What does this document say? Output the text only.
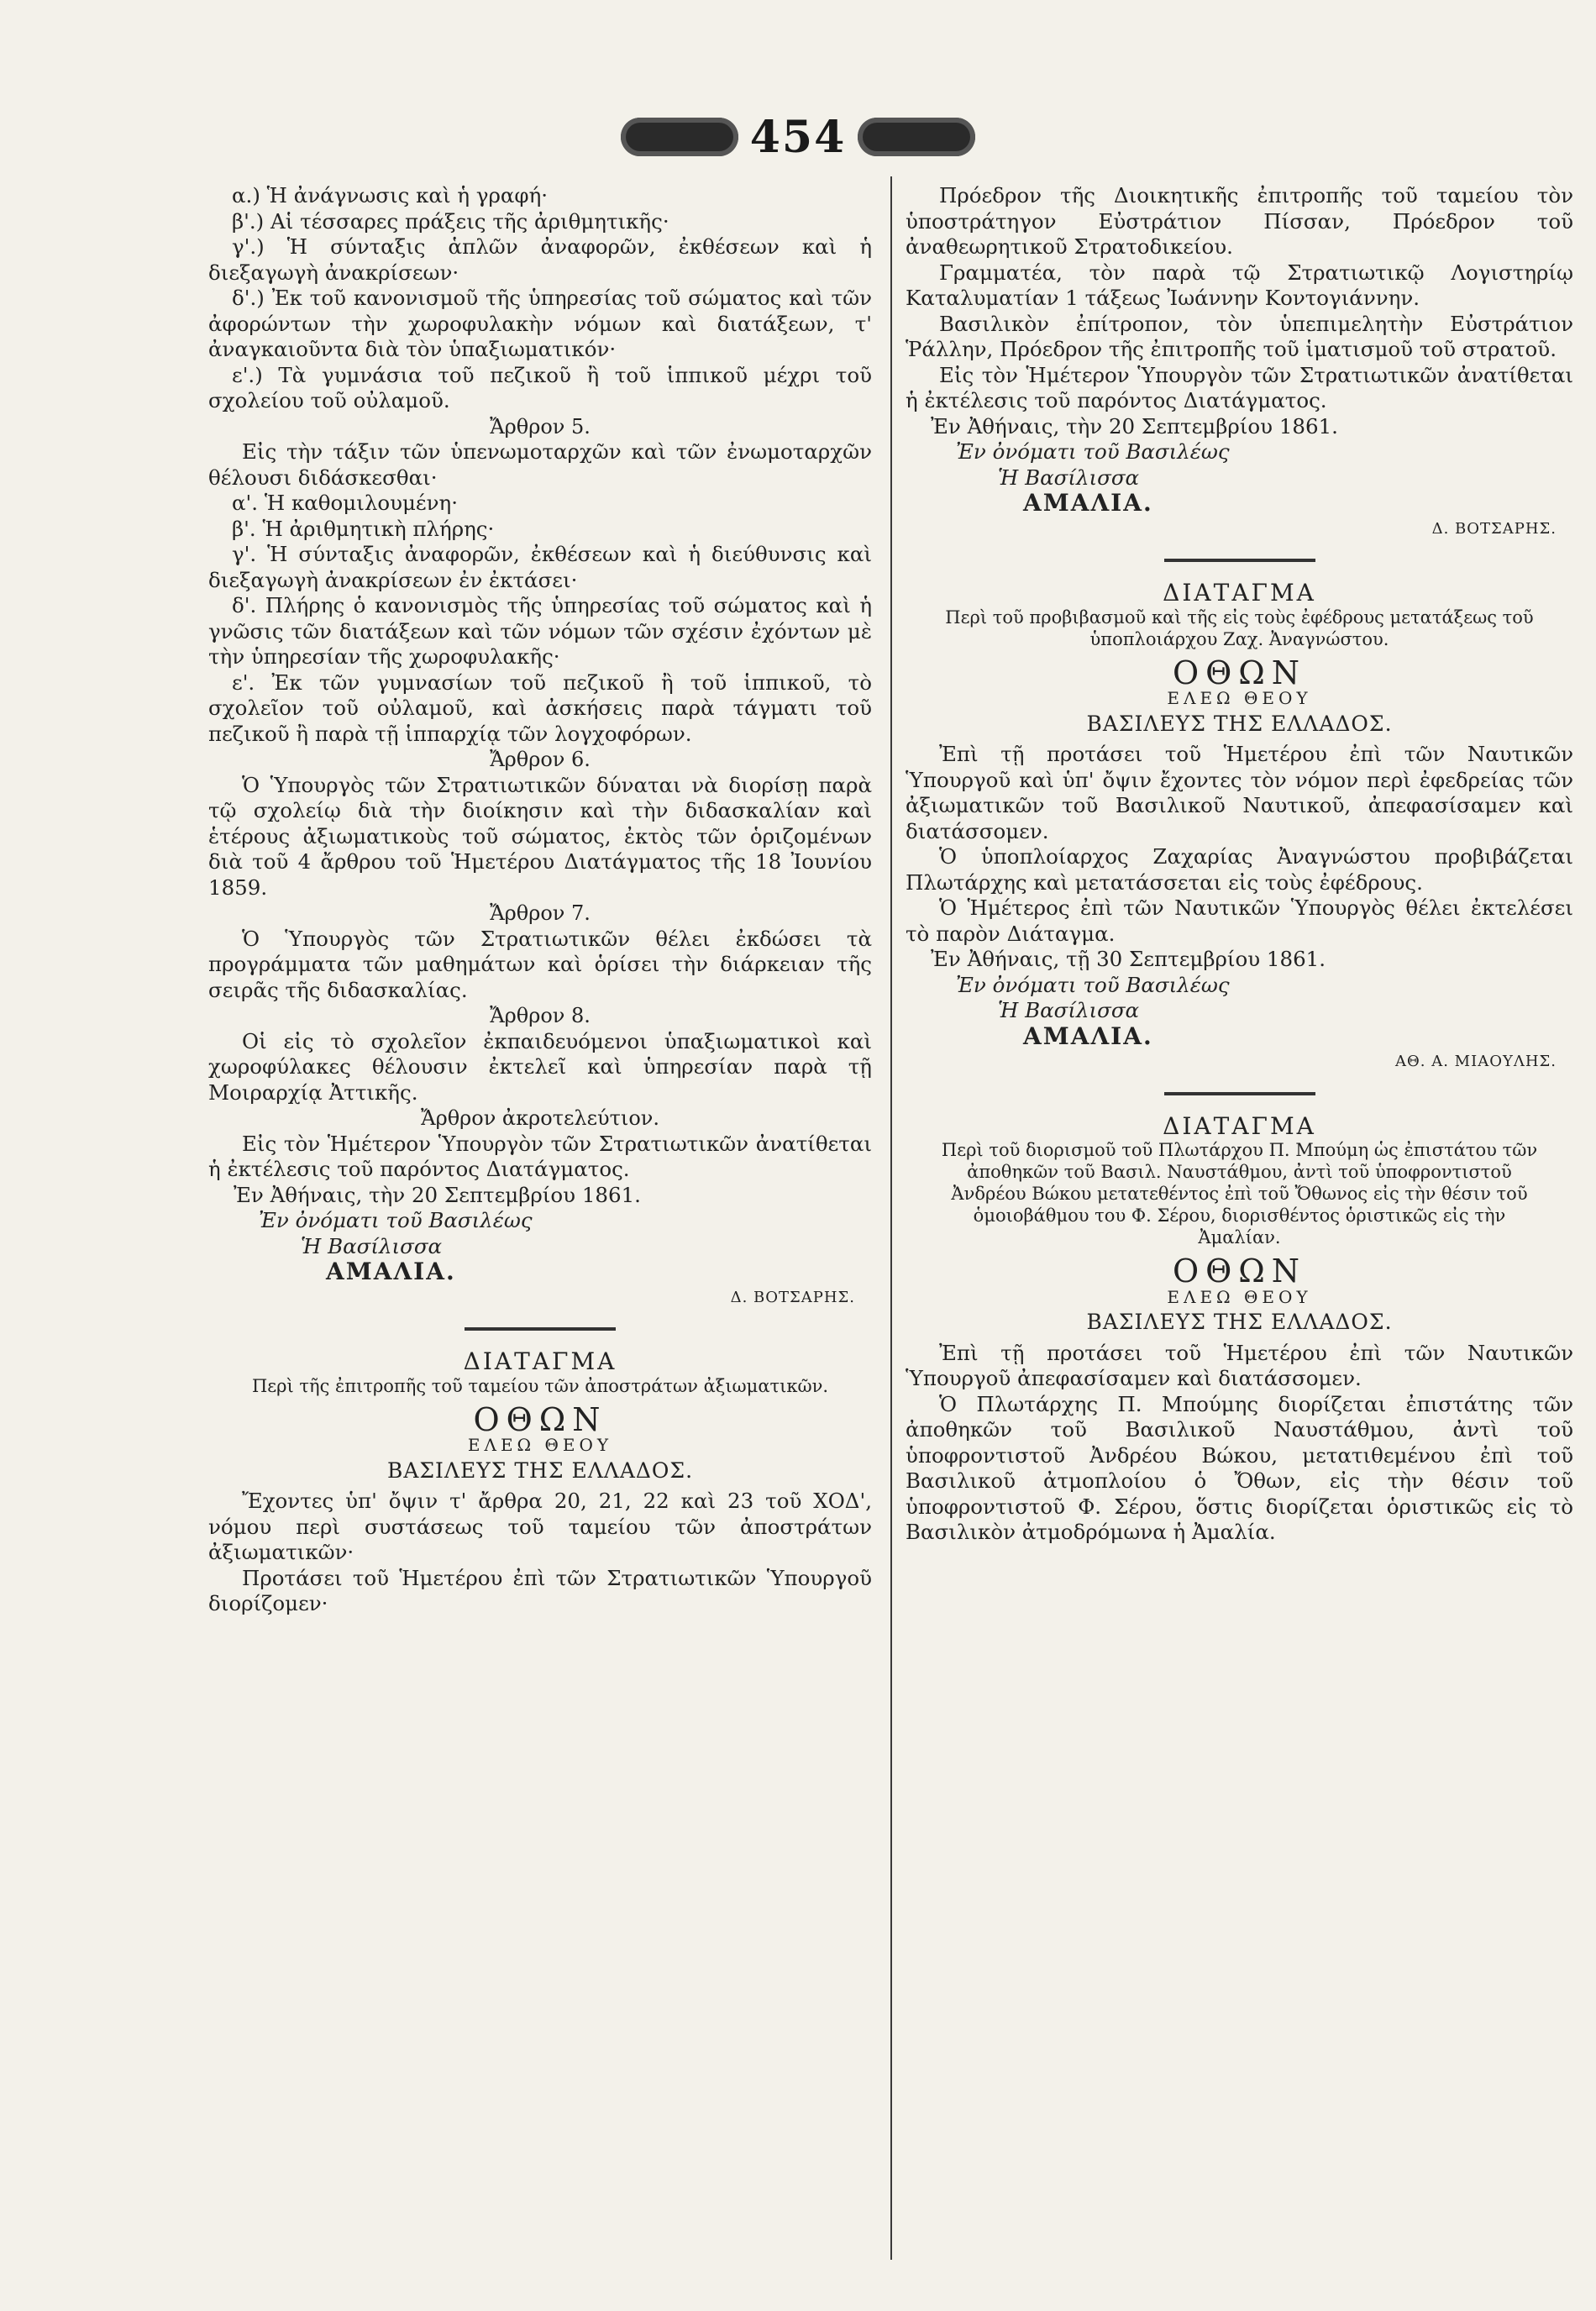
454

α.) Ἡ ἀνάγνωσις καὶ ἡ γραφή·

β'.) Αἱ τέσσαρες πράξεις τῆς ἀριθμητικῆς·

γ'.) Ἡ σύνταξις ἁπλῶν ἀναφορῶν, ἐκθέσεων καὶ ἡ διεξαγωγὴ ἀνακρίσεων·

δ'.) Ἐκ τοῦ κανονισμοῦ τῆς ὑπηρεσίας τοῦ σώματος καὶ τῶν ἀφορώντων τὴν χωροφυλακὴν νόμων καὶ διατάξεων, τ' ἀναγκαιοῦντα διὰ τὸν ὑπαξιωματικόν·

ε'.) Τὰ γυμνάσια τοῦ πεζικοῦ ἢ τοῦ ἱππικοῦ μέχρι τοῦ σχολείου τοῦ οὐλαμοῦ.

Ἄρθρον 5.

Εἰς τὴν τάξιν τῶν ὑπενωμοταρχῶν καὶ τῶν ἐνωμοταρχῶν θέλουσι διδάσκεσθαι·

α'. Ἡ καθομιλουμένη·

β'. Ἡ ἀριθμητικὴ πλήρης·

γ'. Ἡ σύνταξις ἀναφορῶν, ἐκθέσεων καὶ ἡ διεύθυνσις καὶ διεξαγωγὴ ἀνακρίσεων ἐν ἐκτάσει·

δ'. Πλήρης ὁ κανονισμὸς τῆς ὑπηρεσίας τοῦ σώματος καὶ ἡ γνῶσις τῶν διατάξεων καὶ τῶν νόμων τῶν σχέσιν ἐχόντων μὲ τὴν ὑπηρεσίαν τῆς χωροφυλακῆς·

ε'. Ἐκ τῶν γυμνασίων τοῦ πεζικοῦ ἢ τοῦ ἱππικοῦ, τὸ σχολεῖον τοῦ οὐλαμοῦ, καὶ ἀσκήσεις παρὰ τάγματι τοῦ πεζικοῦ ἢ παρὰ τῇ ἱππαρχίᾳ τῶν λογχοφόρων.

Ἄρθρον 6.

Ὁ Ὑπουργὸς τῶν Στρατιωτικῶν δύναται νὰ διορίσῃ παρὰ τῷ σχολείῳ διὰ τὴν διοίκησιν καὶ τὴν διδασκαλίαν καὶ ἑτέρους ἀξιωματικοὺς τοῦ σώματος, ἐκτὸς τῶν ὁριζομένων διὰ τοῦ 4 ἄρθρου τοῦ Ἡμετέρου Διατάγματος τῆς 18 Ἰουνίου 1859.

Ἄρθρον 7.

Ὁ Ὑπουργὸς τῶν Στρατιωτικῶν θέλει ἐκδώσει τὰ προγράμματα τῶν μαθημάτων καὶ ὁρίσει τὴν διάρκειαν τῆς σειρᾶς τῆς διδασκαλίας.

Ἄρθρον 8.

Οἱ εἰς τὸ σχολεῖον ἐκπαιδευόμενοι ὑπαξιωματικοὶ καὶ χωροφύλακες θέλουσιν ἐκτελεῖ καὶ ὑπηρεσίαν παρὰ τῇ Μοιραρχίᾳ Ἀττικῆς.

Ἄρθρον ἀκροτελεύτιον.

Εἰς τὸν Ἡμέτερον Ὑπουργὸν τῶν Στρατιωτικῶν ἀνατίθεται ἡ ἐκτέλεσις τοῦ παρόντος Διατάγματος.

Ἐν Ἀθήναις, τὴν 20 Σεπτεμβρίου 1861.

Ἐν ὀνόματι τοῦ Βασιλέως

Ἡ Βασίλισσα

ΑΜΑΛΙΑ.

Δ. ΒΟΤΣΑΡΗΣ.

ΔΙΑΤΑΓΜΑ

Περὶ τῆς ἐπιτροπῆς τοῦ ταμείου τῶν ἀποστράτων ἀξιωματικῶν.

ΟΘΩΝ

ΕΛΕΩ ΘΕΟΥ

ΒΑΣΙΛΕΥΣ ΤΗΣ ΕΛΛΑΔΟΣ.

Ἔχοντες ὑπ' ὄψιν τ' ἄρθρα 20, 21, 22 καὶ 23 τοῦ ΧΟΔ', νόμου περὶ συστάσεως τοῦ ταμείου τῶν ἀποστράτων ἀξιωματικῶν·

Προτάσει τοῦ Ἡμετέρου ἐπὶ τῶν Στρατιωτικῶν Ὑπουργοῦ διορίζομεν·

Πρόεδρον τῆς Διοικητικῆς ἐπιτροπῆς τοῦ ταμείου τὸν ὑποστράτηγον Εὐστράτιον Πίσσαν, Πρόεδρον τοῦ ἀναθεωρητικοῦ Στρατοδικείου.

Γραμματέα, τὸν παρὰ τῷ Στρατιωτικῷ Λογιστηρίῳ Καταλυματίαν 1 τάξεως Ἰωάννην Κοντογιάννην.

Βασιλικὸν ἐπίτροπον, τὸν ὑπεπιμελητὴν Εὐστράτιον Ῥάλλην, Πρόεδρον τῆς ἐπιτροπῆς τοῦ ἱματισμοῦ τοῦ στρατοῦ.

Εἰς τὸν Ἡμέτερον Ὑπουργὸν τῶν Στρατιωτικῶν ἀνατίθεται ἡ ἐκτέλεσις τοῦ παρόντος Διατάγματος.

Ἐν Ἀθήναις, τὴν 20 Σεπτεμβρίου 1861.

Ἐν ὀνόματι τοῦ Βασιλέως

Ἡ Βασίλισσα

ΑΜΑΛΙΑ.

Δ. ΒΟΤΣΑΡΗΣ.

ΔΙΑΤΑΓΜΑ

Περὶ τοῦ προβιβασμοῦ καὶ τῆς εἰς τοὺς ἐφέδρους μετατάξεως τοῦ ὑποπλοιάρχου Ζαχ. Ἀναγνώστου.

ΟΘΩΝ

ΕΛΕΩ ΘΕΟΥ

ΒΑΣΙΛΕΥΣ ΤΗΣ ΕΛΛΑΔΟΣ.

Ἐπὶ τῇ προτάσει τοῦ Ἡμετέρου ἐπὶ τῶν Ναυτικῶν Ὑπουργοῦ καὶ ὑπ' ὄψιν ἔχοντες τὸν νόμον περὶ ἐφεδρείας τῶν ἀξιωματικῶν τοῦ Βασιλικοῦ Ναυτικοῦ, ἀπεφασίσαμεν καὶ διατάσσομεν.

Ὁ ὑποπλοίαρχος Ζαχαρίας Ἀναγνώστου προβιβάζεται Πλωτάρχης καὶ μετατάσσεται εἰς τοὺς ἐφέδρους.

Ὁ Ἡμέτερος ἐπὶ τῶν Ναυτικῶν Ὑπουργὸς θέλει ἐκτελέσει τὸ παρὸν Διάταγμα.

Ἐν Ἀθήναις, τῇ 30 Σεπτεμβρίου 1861.

Ἐν ὀνόματι τοῦ Βασιλέως

Ἡ Βασίλισσα

ΑΜΑΛΙΑ.

ΑΘ. Α. ΜΙΑΟΥΛΗΣ.

ΔΙΑΤΑΓΜΑ

Περὶ τοῦ διορισμοῦ τοῦ Πλωτάρχου Π. Μπούμη ὡς ἐπιστάτου τῶν ἀποθηκῶν τοῦ Βασιλ. Ναυστάθμου, ἀντὶ τοῦ ὑποφροντιστοῦ Ἀνδρέου Βώκου μετατεθέντος ἐπὶ τοῦ Ὄθωνος εἰς τὴν θέσιν τοῦ ὁμοιοβάθμου του Φ. Σέρου, διορισθέντος ὁριστικῶς εἰς τὴν Ἀμαλίαν.

ΟΘΩΝ

ΕΛΕΩ ΘΕΟΥ

ΒΑΣΙΛΕΥΣ ΤΗΣ ΕΛΛΑΔΟΣ.

Ἐπὶ τῇ προτάσει τοῦ Ἡμετέρου ἐπὶ τῶν Ναυτικῶν Ὑπουργοῦ ἀπεφασίσαμεν καὶ διατάσσομεν.

Ὁ Πλωτάρχης Π. Μπούμης διορίζεται ἐπιστάτης τῶν ἀποθηκῶν τοῦ Βασιλικοῦ Ναυστάθμου, ἀντὶ τοῦ ὑποφροντιστοῦ Ἀνδρέου Βώκου, μετατιθεμένου ἐπὶ τοῦ Βασιλικοῦ ἀτμοπλοίου ὁ Ὄθων, εἰς τὴν θέσιν τοῦ ὑποφροντιστοῦ Φ. Σέρου, ὅστις διορίζεται ὁριστικῶς εἰς τὸ Βασιλικὸν ἀτμοδρόμωνα ἡ Ἀμαλία.
